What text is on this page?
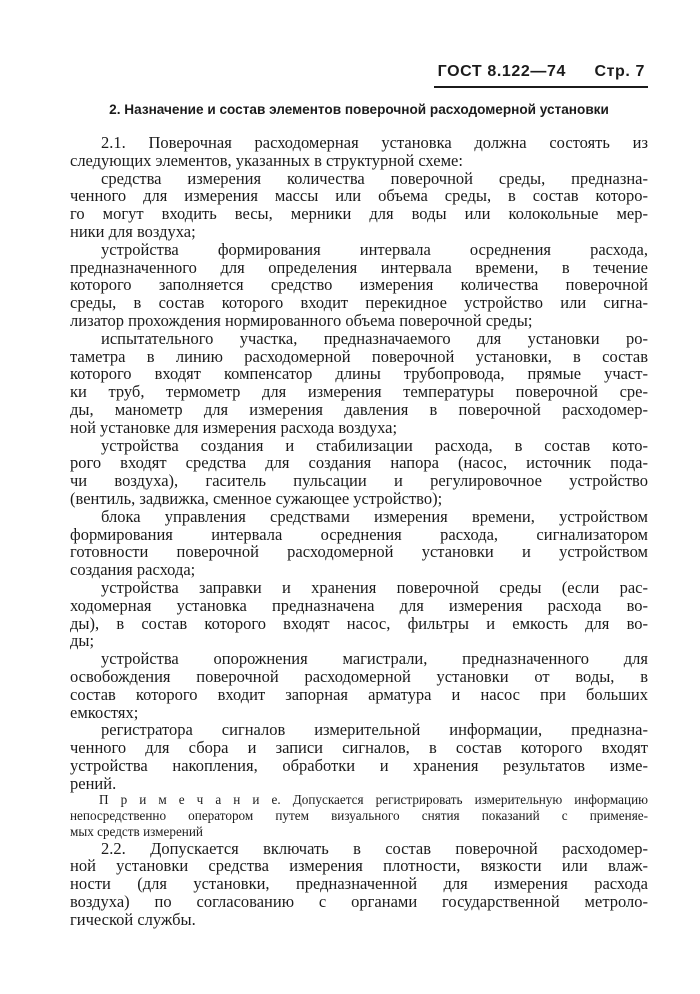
ГОСТ 8.122—74 Стр. 7
2. Назначение и состав элементов поверочной расходомерной установки
2.1. Поверочная расходомерная установка должна состоять из
следующих элементов, указанных в структурной схеме:
средства измерения количества поверочной среды, предназна-
ченного для измерения массы или объема среды, в состав которо-
го могут входить весы, мерники для воды или колокольные мер-
ники для воздуха;
устройства формирования интервала осреднения расхода,
предназначенного для определения интервала времени, в течение
которого заполняется средство измерения количества поверочной
среды, в состав которого входит перекидное устройство или сигна-
лизатор прохождения нормированного объема поверочной среды;
испытательного участка, предназначаемого для установки ро-
таметра в линию расходомерной поверочной установки, в состав
которого входят компенсатор длины трубопровода, прямые участ-
ки труб, термометр для измерения температуры поверочной сре-
ды, манометр для измерения давления в поверочной расходомер-
ной установке для измерения расхода воздуха;
устройства создания и стабилизации расхода, в состав кото-
рого входят средства для создания напора (насос, источник пода-
чи воздуха), гаситель пульсации и регулировочное устройство
(вентиль, задвижка, сменное сужающее устройство);
блока управления средствами измерения времени, устройством
формирования интервала осреднения расхода, сигнализатором
готовности поверочной расходомерной установки и устройством
создания расхода;
устройства заправки и хранения поверочной среды (если рас-
ходомерная установка предназначена для измерения расхода во-
ды), в состав которого входят насос, фильтры и емкость для во-
ды;
устройства опорожнения магистрали, предназначенного для
освобождения поверочной расходомерной установки от воды, в
состав которого входит запорная арматура и насос при больших
емкостях;
регистратора сигналов измерительной информации, предназна-
ченного для сбора и записи сигналов, в состав которого входят
устройства накопления, обработки и хранения результатов изме-
рений.
П р и м е ч а н и е. Допускается регистрировать измерительную информацию
непосредственно оператором путем визуального снятия показаний с применяе-
мых средств измерений
2.2. Допускается включать в состав поверочной расходомер-
ной установки средства измерения плотности, вязкости или влаж-
ности (для установки, предназначенной для измерения расхода
воздуха) по согласованию с органами государственной метроло-
гической службы.
